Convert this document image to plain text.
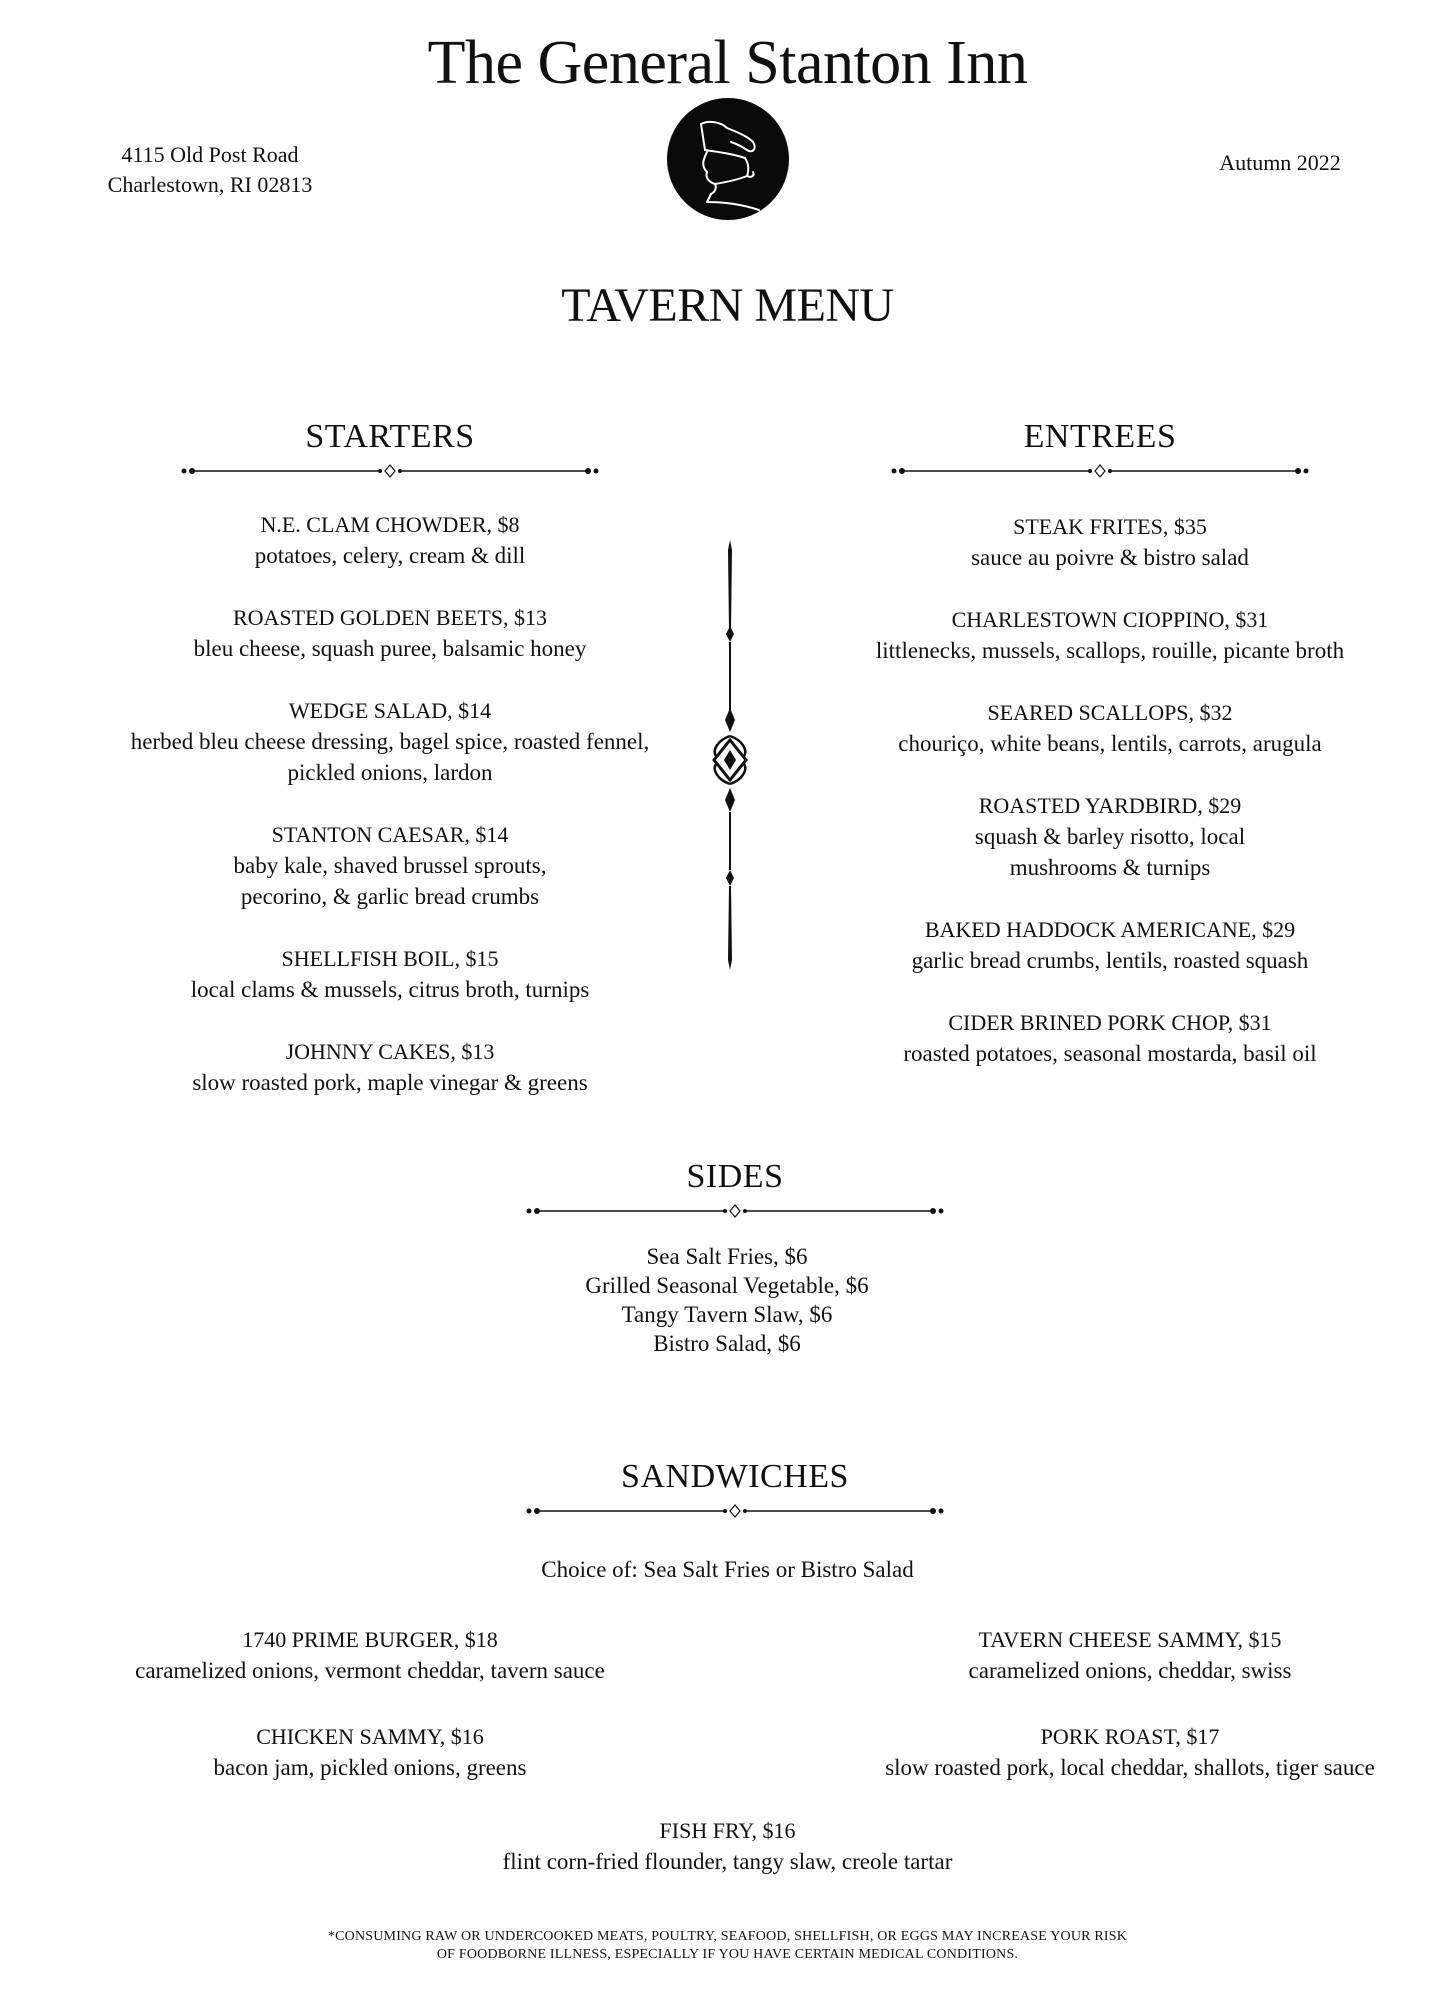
The General Stanton Inn
4115 Old Post Road
Charlestown, RI 02813
Autumn 2022
TAVERN MENU
STARTERS
N.E. CLAM CHOWDER, $8
potatoes, celery, cream & dill
ROASTED GOLDEN BEETS, $13
bleu cheese, squash puree, balsamic honey
WEDGE SALAD, $14
herbed bleu cheese dressing, bagel spice, roasted fennel, pickled onions, lardon
STANTON CAESAR, $14
baby kale, shaved brussel sprouts, pecorino, & garlic bread crumbs
SHELLFISH BOIL, $15
local clams & mussels, citrus broth, turnips
JOHNNY CAKES, $13
slow roasted pork, maple vinegar & greens
ENTREES
STEAK FRITES, $35
sauce au poivre & bistro salad
CHARLESTOWN CIOPPINO, $31
littlenecks, mussels, scallops, rouille, picante broth
SEARED SCALLOPS, $32
chouriço, white beans, lentils, carrots, arugula
ROASTED YARDBIRD, $29
squash & barley risotto, local mushrooms & turnips
BAKED HADDOCK AMERICANE, $29
garlic bread crumbs, lentils, roasted squash
CIDER BRINED PORK CHOP, $31
roasted potatoes, seasonal mostarda, basil oil
SIDES
Sea Salt Fries, $6
Grilled Seasonal Vegetable, $6
Tangy Tavern Slaw, $6
Bistro Salad, $6
SANDWICHES
Choice of: Sea Salt Fries or Bistro Salad
1740 PRIME BURGER, $18
caramelized onions, vermont cheddar, tavern sauce
TAVERN CHEESE SAMMY, $15
caramelized onions, cheddar, swiss
CHICKEN SAMMY, $16
bacon jam, pickled onions, greens
PORK ROAST, $17
slow roasted pork, local cheddar, shallots, tiger sauce
FISH FRY, $16
flint corn-fried flounder, tangy slaw, creole tartar
*CONSUMING RAW OR UNDERCOOKED MEATS, POULTRY, SEAFOOD, SHELLFISH, OR EGGS MAY INCREASE YOUR RISK
OF FOODBORNE ILLNESS, ESPECIALLY IF YOU HAVE CERTAIN MEDICAL CONDITIONS.
